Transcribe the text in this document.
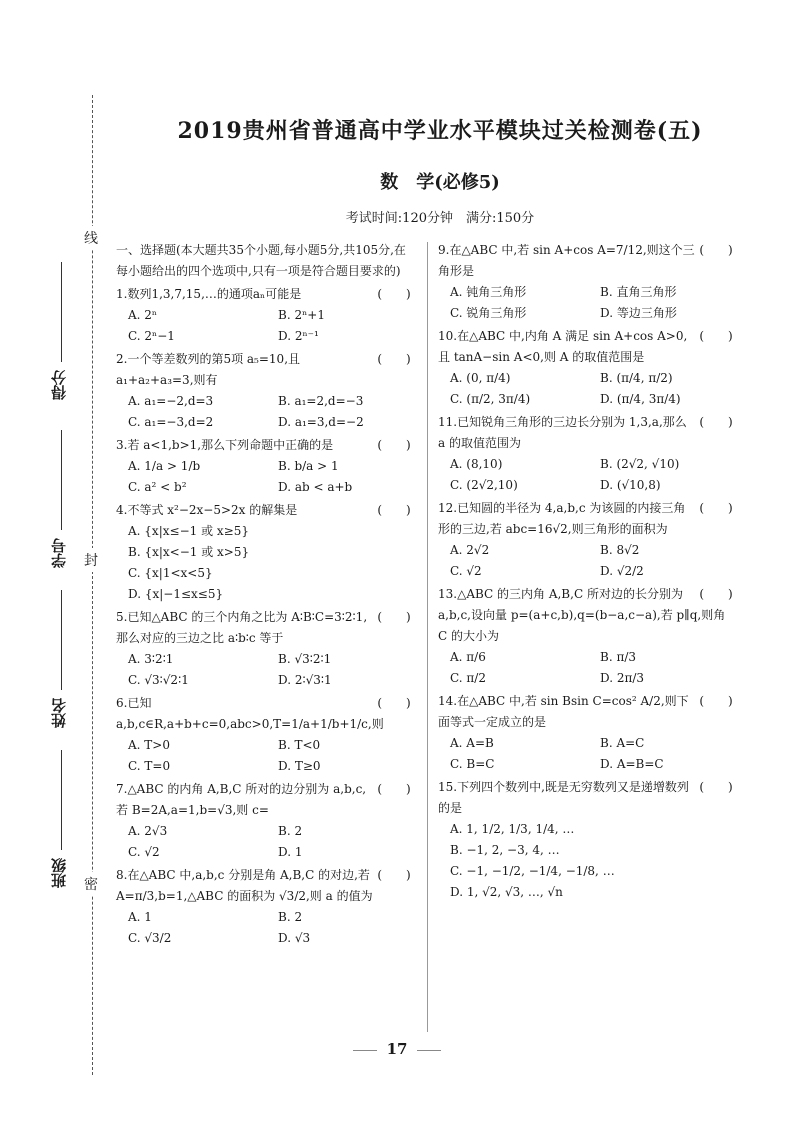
线
封
密
得分
学号
姓名
班级
2019贵州省普通高中学业水平模块过关检测卷(五)
数　学(必修5)
考试时间:120分钟　满分:150分
一、选择题(本大题共35个小题,每小题5分,共105分,在每小题给出的四个选项中,只有一项是符合题目要求的)
(　　)
1.数列1,3,7,15,…的通项aₙ可能是
A. 2ⁿ	B. 2ⁿ+1
C. 2ⁿ−1	D. 2ⁿ⁻¹
(　　)
2.一个等差数列的第5项 a₅=10,且 a₁+a₂+a₃=3,则有
A. a₁=−2,d=3	B. a₁=2,d=−3
C. a₁=−3,d=2	D. a₁=3,d=−2
(　　)
3.若 a<1,b>1,那么下列命题中正确的是
A. 1/a > 1/b	B. b/a > 1
C. a² < b²	D. ab < a+b
(　　)
4.不等式 x²−2x−5>2x 的解集是
A. {x|x≤−1 或 x≥5}
B. {x|x<−1 或 x>5}
C. {x|1<x<5}
D. {x|−1≤x≤5}
(　　)
5.已知△ABC 的三个内角之比为 A∶B∶C=3∶2∶1,那么对应的三边之比 a∶b∶c 等于
A. 3∶2∶1	B. √3∶2∶1
C. √3∶√2∶1	D. 2∶√3∶1
(　　)
6.已知 a,b,c∈R,a+b+c=0,abc>0,T=1/a+1/b+1/c,则
A. T>0	B. T<0
C. T=0	D. T≥0
(　　)
7.△ABC 的内角 A,B,C 所对的边分别为 a,b,c,若 B=2A,a=1,b=√3,则 c=
A. 2√3	B. 2
C. √2	D. 1
(　　)
8.在△ABC 中,a,b,c 分别是角 A,B,C 的对边,若 A=π/3,b=1,△ABC 的面积为 √3/2,则 a 的值为
A. 1	B. 2
C. √3/2	D. √3
(　　)
9.在△ABC 中,若 sin A+cos A=7/12,则这个三角形是
A. 钝角三角形	B. 直角三角形
C. 锐角三角形	D. 等边三角形
(　　)
10.在△ABC 中,内角 A 满足 sin A+cos A>0,且 tanA−sin A<0,则 A 的取值范围是
A. (0, π/4)	B. (π/4, π/2)
C. (π/2, 3π/4)	D. (π/4, 3π/4)
(　　)
11.已知锐角三角形的三边长分别为 1,3,a,那么 a 的取值范围为
A. (8,10)	B. (2√2, √10)
C. (2√2,10)	D. (√10,8)
(　　)
12.已知圆的半径为 4,a,b,c 为该圆的内接三角形的三边,若 abc=16√2,则三角形的面积为
A. 2√2	B. 8√2
C. √2	D. √2/2
(　　)
13.△ABC 的三内角 A,B,C 所对边的长分别为 a,b,c,设向量 p=(a+c,b),q=(b−a,c−a),若 p∥q,则角 C 的大小为
A. π/6	B. π/3
C. π/2	D. 2π/3
(　　)
14.在△ABC 中,若 sin Bsin C=cos² A/2,则下面等式一定成立的是
A. A=B	B. A=C
C. B=C	D. A=B=C
(　　)
15.下列四个数列中,既是无穷数列又是递增数列的是
A. 1, 1/2, 1/3, 1/4, …
B. −1, 2, −3, 4, …
C. −1, −1/2, −1/4, −1/8, …
D. 1, √2, √3, …, √n
17
